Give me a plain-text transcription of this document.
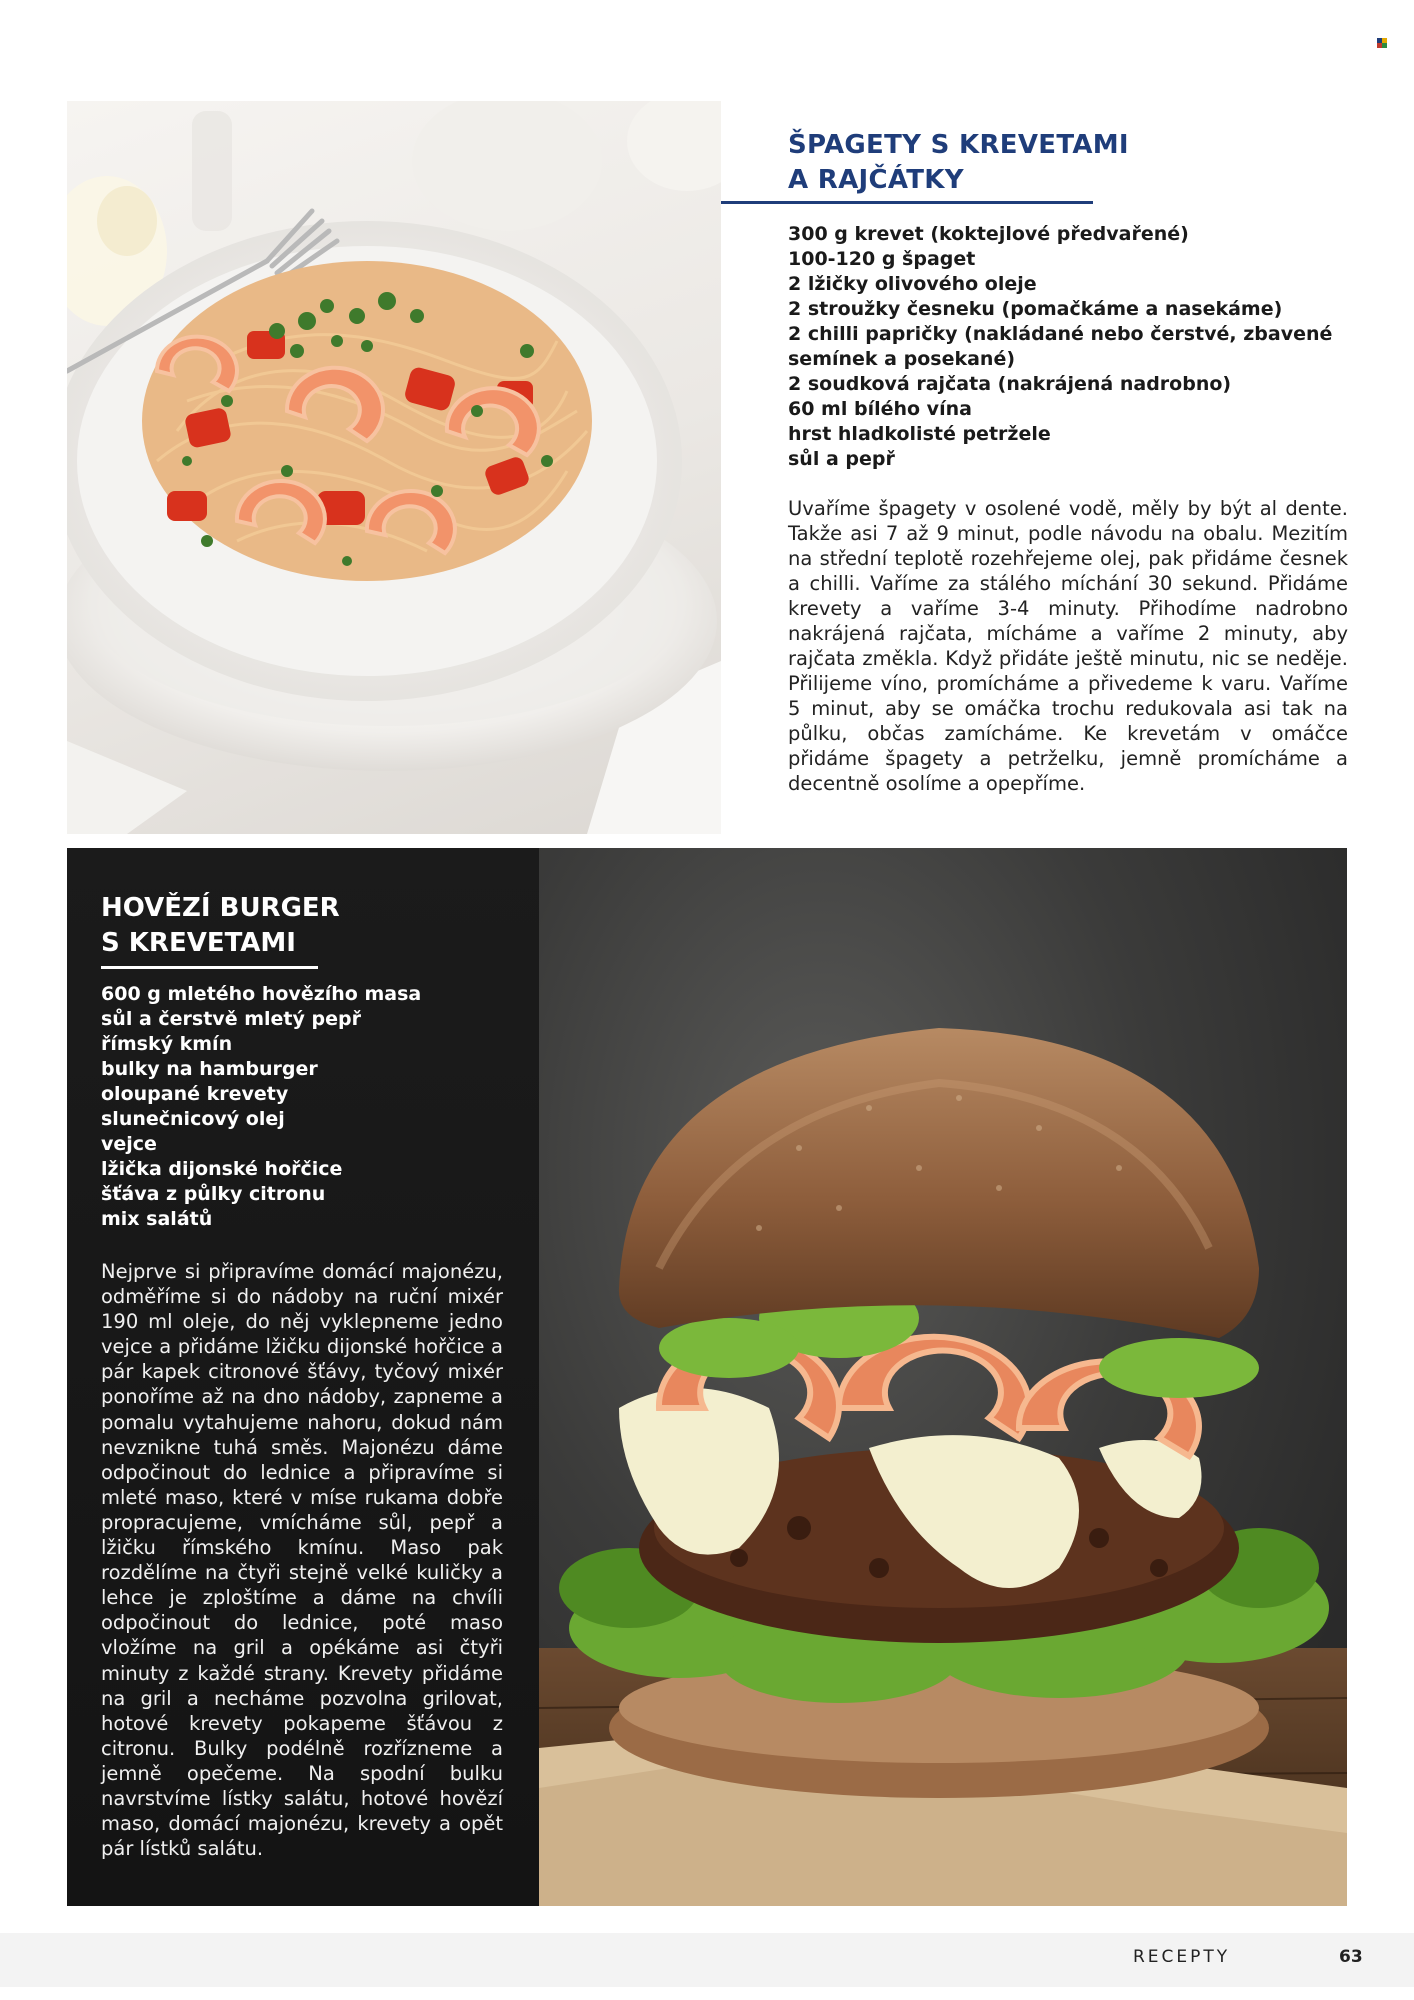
ŠPAGETY S KREVETAMI
A RAJČÁTKY
300 g krevet (koktejlové předvařené)
100-120 g špaget
2 lžičky olivového oleje
2 stroužky česneku (pomačkáme a nasekáme)
2 chilli papričky (nakládané nebo čerstvé, zbavené
semínek a posekané)
2 soudková rajčata (nakrájená nadrobno)
60 ml bílého vína
hrst hladkolisté petržele
sůl a pepř

Uvaříme špagety v osolené vodě, měly by být al dente. Takže asi 7 až 9 minut, podle návodu na obalu. Mezitím na střední teplotě rozehřejeme olej, pak přidáme česnek a chilli. Vaříme za stálého míchání 30 sekund. Přidáme krevety a vaříme 3-4 minuty. Přihodíme nadrobno nakrájená rajčata, mícháme a vaříme 2 minuty, aby rajčata změkla. Když přidáte ještě minutu, nic se neděje. Přilijeme víno, promícháme a přivedeme k varu. Vaříme 5 minut, aby se omáčka trochu redukovala asi tak na půlku, občas zamícháme. Ke krevetám v omáčce přidáme špagety a petrželku, jemně promícháme a decentně osolíme a opepříme.

HOVĚZÍ BURGER
S KREVETAMI
600 g mletého hovězího masa
sůl a čerstvě mletý pepř
římský kmín
bulky na hamburger
oloupané krevety
slunečnicový olej
vejce
lžička dijonské hořčice
šťáva z půlky citronu
mix salátů

Nejprve si připravíme domácí majonézu, odměříme si do nádoby na ruční mixér 190 ml oleje, do něj vyklepneme jedno vejce a přidáme lžičku dijonské hořčice a pár kapek citronové šťávy, tyčový mixér ponoříme až na dno nádoby, zapneme a pomalu vytahujeme nahoru, dokud nám nevznikne tuhá směs. Majonézu dáme odpočinout do lednice a připravíme si mleté maso, které v míse rukama dobře propracujeme, vmícháme sůl, pepř a lžičku římského kmínu. Maso pak rozdělíme na čtyři stejně velké kuličky a lehce je zploštíme a dáme na chvíli odpočinout do lednice, poté maso vložíme na gril a opékáme asi čtyři minuty z každé strany. Krevety přidáme na gril a necháme pozvolna grilovat, hotové krevety pokapeme šťávou z citronu. Bulky podélně rozřízneme a jemně opečeme. Na spodní bulku navrstvíme lístky salátu, hotové hovězí maso, domácí majonézu, krevety a opět pár lístků salátu.

RECEPTY	63
